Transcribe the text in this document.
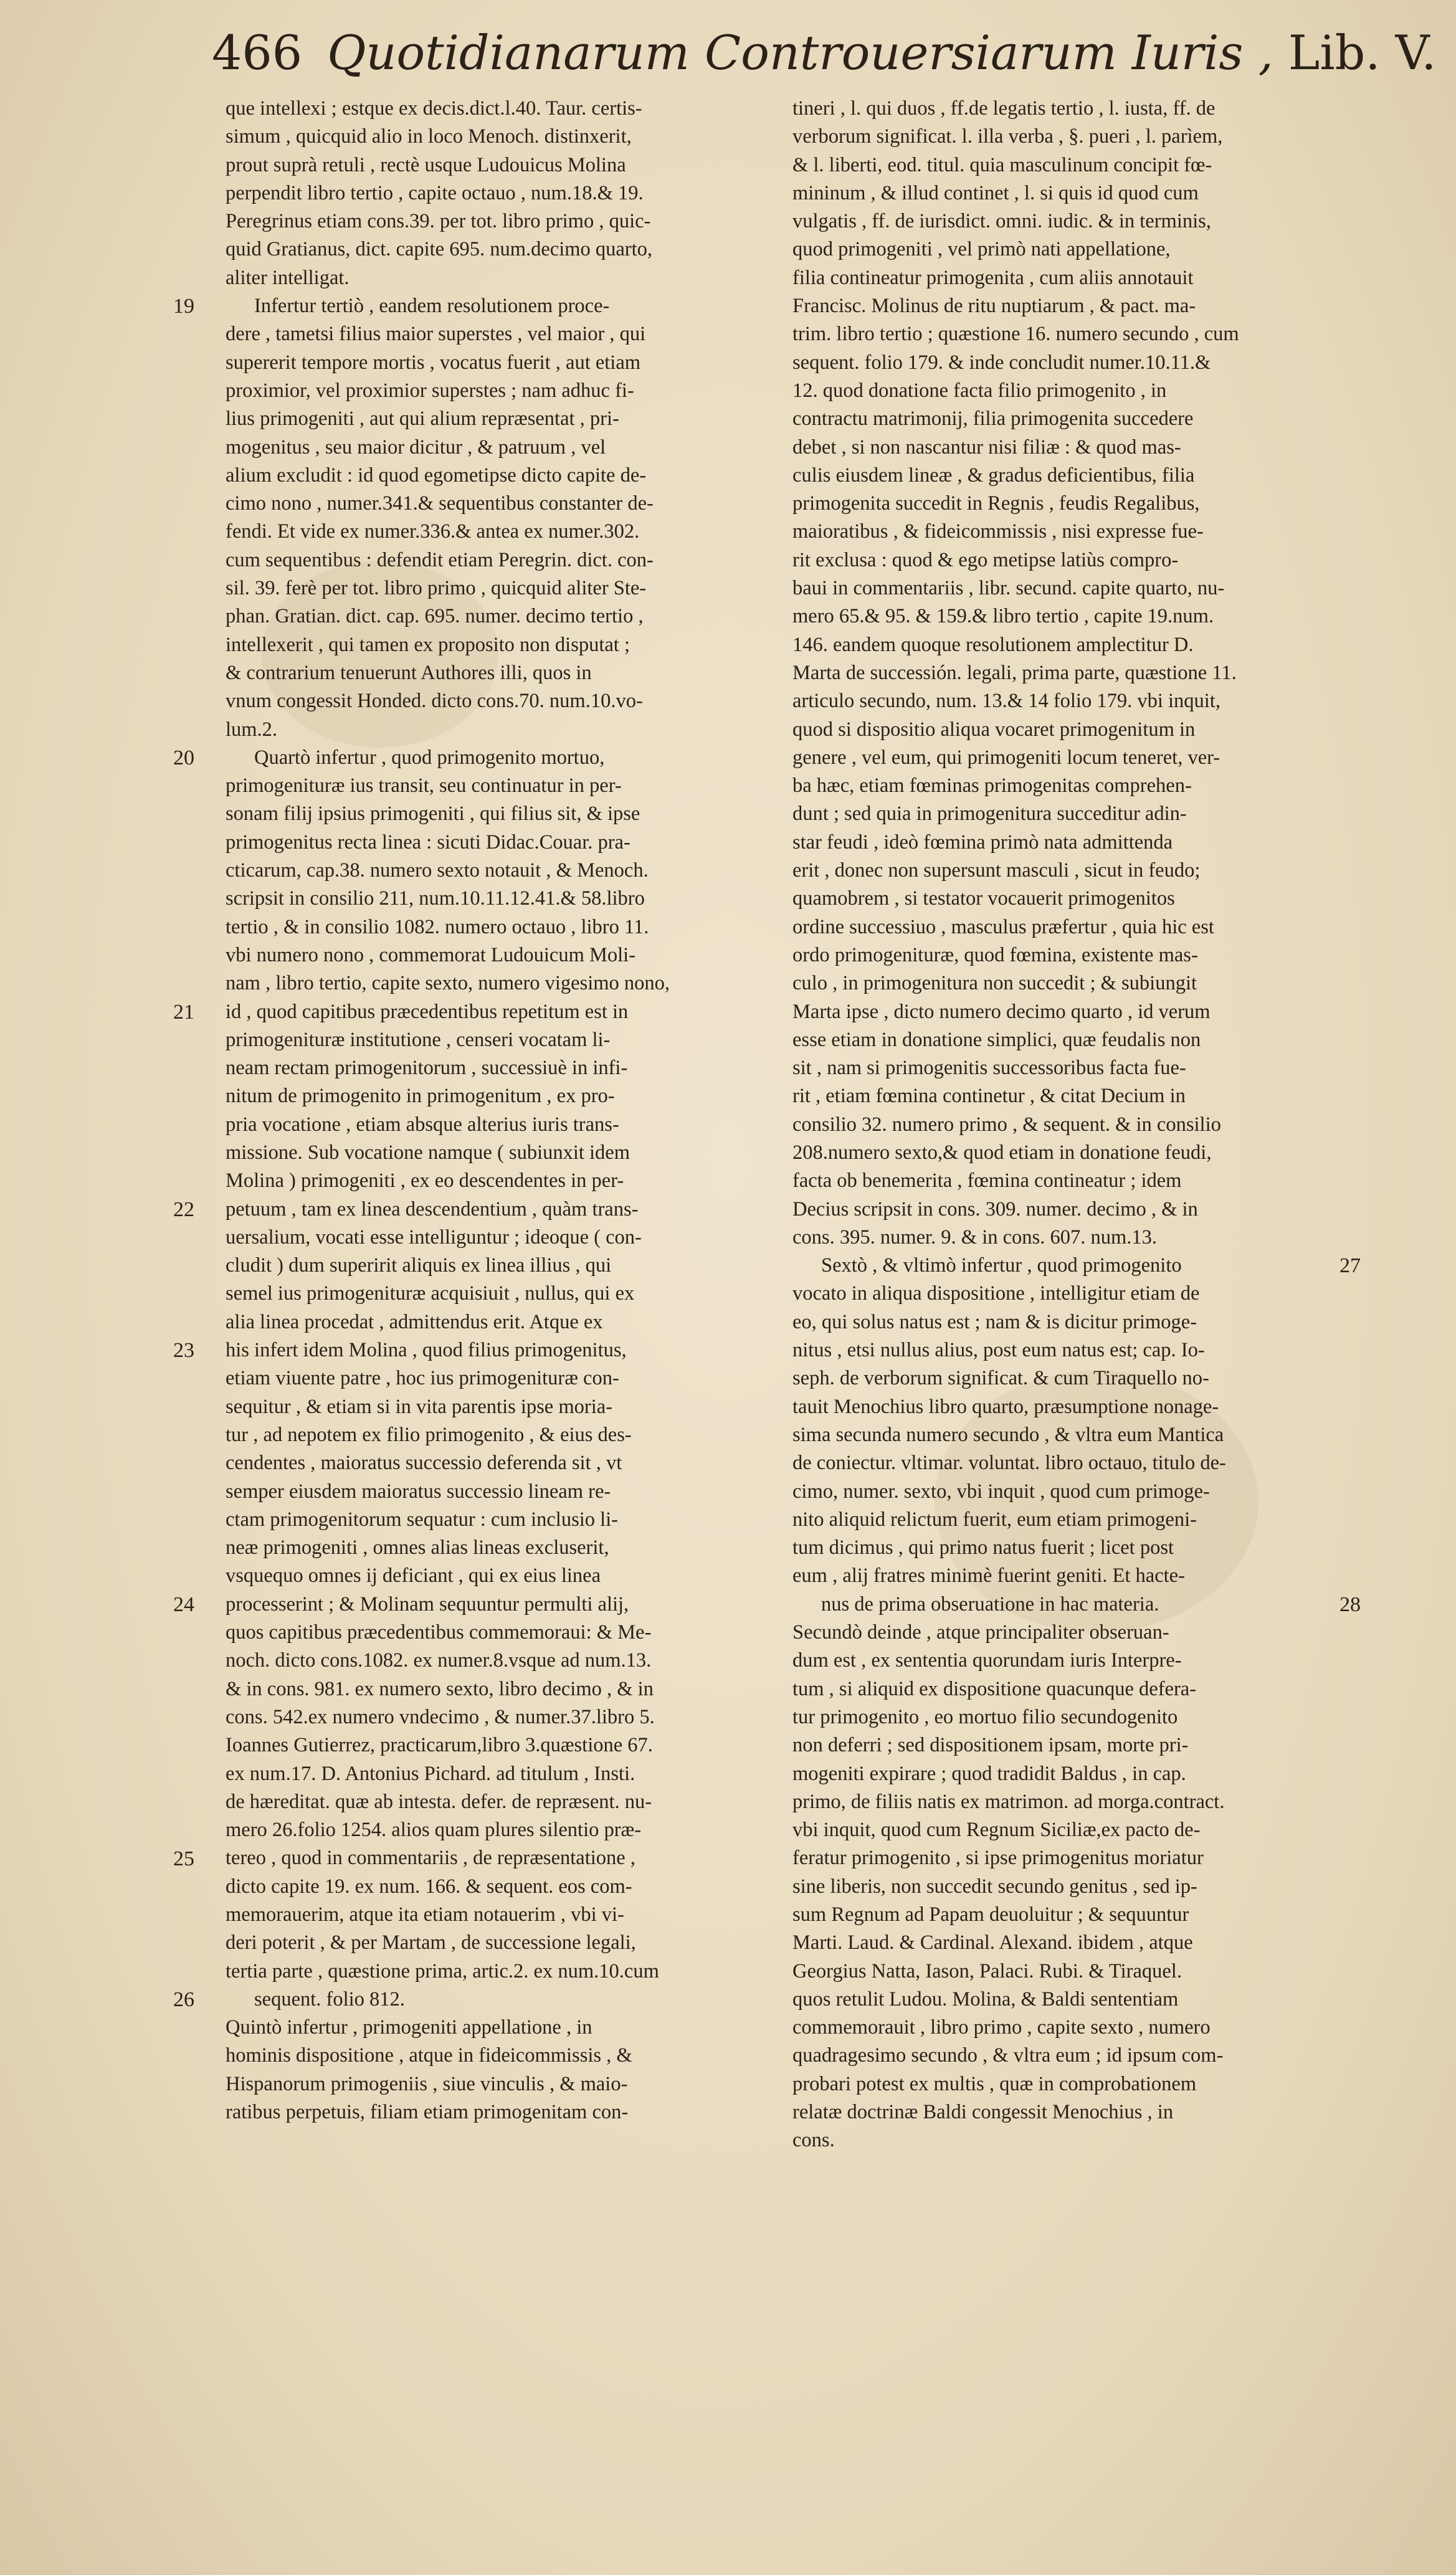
466 Quotidianarum Controuersiarum Iuris , Lib. V.
que intellexi ; estque ex decis.dict.l.40. Taur. certis-
simum , quicquid alio in loco Menoch. distinxerit,
prout suprà retuli , rectè usque Ludouicus Molina
perpendit libro tertio , capite octauo , num.18.& 19.
Peregrinus etiam cons.39. per tot. libro primo , quic-
quid Gratianus, dict. capite 695. num.decimo quarto,
aliter intelligat.
Infertur tertiò , eandem resolutionem proce-
dere , tametsi filius maior superstes , vel maior , qui
supererit tempore mortis , vocatus fuerit , aut etiam
proximior, vel proximior superstes ; nam adhuc fi-
lius primogeniti , aut qui alium repræsentat , pri-
mogenitus , seu maior dicitur , & patruum , vel
alium excludit : id quod egometipse dicto capite de-
cimo nono , numer.341.& sequentibus constanter de-
fendi. Et vide ex numer.336.& antea ex numer.302.
cum sequentibus : defendit etiam Peregrin. dict. con-
sil. 39. ferè per tot. libro primo , quicquid aliter Ste-
phan. Gratian. dict. cap. 695. numer. decimo tertio ,
intellexerit , qui tamen ex proposito non disputat ;
& contrarium tenuerunt Authores illi, quos in
vnum congessit Honded. dicto cons.70. num.10.vo-
lum.2.
Quartò infertur , quod primogenito mortuo,
primogenituræ ius transit, seu continuatur in per-
sonam filij ipsius primogeniti , qui filius sit, & ipse
primogenitus recta linea : sicuti Didac.Couar. pra-
cticarum, cap.38. numero sexto notauit , & Menoch.
scripsit in consilio 211, num.10.11.12.41.& 58.libro
tertio , & in consilio 1082. numero octauo , libro 11.
vbi numero nono , commemorat Ludouicum Moli-
nam , libro tertio, capite sexto, numero vigesimo nono,
id , quod capitibus præcedentibus repetitum est in
primogenituræ institutione , censeri vocatam li-
neam rectam primogenitorum , successiuè in infi-
nitum de primogenito in primogenitum , ex pro-
pria vocatione , etiam absque alterius iuris trans-
missione. Sub vocatione namque ( subiunxit idem
Molina ) primogeniti , ex eo descendentes in per-
petuum , tam ex linea descendentium , quàm trans-
uersalium, vocati esse intelliguntur ; ideoque ( con-
cludit ) dum superirit aliquis ex linea illius , qui
semel ius primogenituræ acquisiuit , nullus, qui ex
alia linea procedat , admittendus erit. Atque ex
his infert idem Molina , quod filius primogenitus,
etiam viuente patre , hoc ius primogenituræ con-
sequitur , & etiam si in vita parentis ipse moria-
tur , ad nepotem ex filio primogenito , & eius des-
cendentes , maioratus successio deferenda sit , vt
semper eiusdem maioratus successio lineam re-
ctam primogenitorum sequatur : cum inclusio li-
neæ primogeniti , omnes alias lineas excluserit,
vsquequo omnes ij deficiant , qui ex eius linea
processerint ; & Molinam sequuntur permulti alij,
quos capitibus præcedentibus commemoraui: & Me-
noch. dicto cons.1082. ex numer.8.vsque ad num.13.
& in cons. 981. ex numero sexto, libro decimo , & in
cons. 542.ex numero vndecimo , & numer.37.libro 5.
Ioannes Gutierrez, practicarum,libro 3.quæstione 67.
ex num.17. D. Antonius Pichard. ad titulum , Insti.
de hæreditat. quæ ab intesta. defer. de repræsent. nu-
mero 26.folio 1254. alios quam plures silentio præ-
tereo , quod in commentariis , de repræsentatione ,
dicto capite 19. ex num. 166. & sequent. eos com-
memorauerim, atque ita etiam notauerim , vbi vi-
deri poterit , & per Martam , de successione legali,
tertia parte , quæstione prima, artic.2. ex num.10.cum
sequent. folio 812.
Quintò infertur , primogeniti appellatione , in
hominis dispositione , atque in fideicommissis , &
Hispanorum primogeniis , siue vinculis , & maio-
ratibus perpetuis, filiam etiam primogenitam con-
tineri , l. qui duos , ff.de legatis tertio , l. iusta, ff. de
verborum significat. l. illa verba , §. pueri , l. parìem,
& l. liberti, eod. titul. quia masculinum concipit fœ-
mininum , & illud continet , l. si quis id quod cum
vulgatis , ff. de iurisdict. omni. iudic. & in terminis,
quod primogeniti , vel primò nati appellatione,
filia contineatur primogenita , cum aliis annotauit
Francisc. Molinus de ritu nuptiarum , & pact. ma-
trim. libro tertio ; quæstione 16. numero secundo , cum
sequent. folio 179. & inde concludit numer.10.11.&
12. quod donatione facta filio primogenito , in
contractu matrimonij, filia primogenita succedere
debet , si non nascantur nisi filiæ : & quod mas-
culis eiusdem lineæ , & gradus deficientibus, filia
primogenita succedit in Regnis , feudis Regalibus,
maioratibus , & fideicommissis , nisi expresse fue-
rit exclusa : quod & ego metipse latiùs compro-
baui in commentariis , libr. secund. capite quarto, nu-
mero 65.& 95. & 159.& libro tertio , capite 19.num.
146. eandem quoque resolutionem amplectitur D.
Marta de successión. legali, prima parte, quæstione 11.
articulo secundo, num. 13.& 14 folio 179. vbi inquit,
quod si dispositio aliqua vocaret primogenitum in
genere , vel eum, qui primogeniti locum teneret, ver-
ba hæc, etiam fœminas primogenitas comprehen-
dunt ; sed quia in primogenitura succeditur adin-
star feudi , ideò fœmina primò nata admittenda
erit , donec non supersunt masculi , sicut in feudo;
quamobrem , si testator vocauerit primogenitos
ordine successiuo , masculus præfertur , quia hic est
ordo primogenituræ, quod fœmina, existente mas-
culo , in primogenitura non succedit ; & subiungit
Marta ipse , dicto numero decimo quarto , id verum
esse etiam in donatione simplici, quæ feudalis non
sit , nam si primogenitis successoribus facta fue-
rit , etiam fœmina continetur , & citat Decium in
consilio 32. numero primo , & sequent. & in consilio
208.numero sexto,& quod etiam in donatione feudi,
facta ob benemerita , fœmina contineatur ; idem
Decius scripsit in cons. 309. numer. decimo , & in
cons. 395. numer. 9. & in cons. 607. num.13.
Sextò , & vltimò infertur , quod primogenito
vocato in aliqua dispositione , intelligitur etiam de
eo, qui solus natus est ; nam & is dicitur primoge-
nitus , etsi nullus alius, post eum natus est; cap. Io-
seph. de verborum significat. & cum Tiraquello no-
tauit Menochius libro quarto, præsumptione nonage-
sima secunda numero secundo , & vltra eum Mantica
de coniectur. vltimar. voluntat. libro octauo, titulo de-
cimo, numer. sexto, vbi inquit , quod cum primoge-
nito aliquid relictum fuerit, eum etiam primogeni-
tum dicimus , qui primo natus fuerit ; licet post
eum , alij fratres minimè fuerint geniti. Et hacte-
nus de prima obseruatione in hac materia.
Secundò deinde , atque principaliter obseruan-
dum est , ex sententia quorundam iuris Interpre-
tum , si aliquid ex dispositione quacunque defera-
tur primogenito , eo mortuo filio secundogenito
non deferri ; sed dispositionem ipsam, morte pri-
mogeniti expirare ; quod tradidit Baldus , in cap.
primo, de filiis natis ex matrimon. ad morga.contract.
vbi inquit, quod cum Regnum Siciliæ,ex pacto de-
feratur primogenito , si ipse primogenitus moriatur
sine liberis, non succedit secundo genitus , sed ip-
sum Regnum ad Papam deuoluitur ; & sequuntur
Marti. Laud. & Cardinal. Alexand. ibidem , atque
Georgius Natta, Iason, Palaci. Rubi. & Tiraquel.
quos retulit Ludou. Molina, & Baldi sententiam
commemorauit , libro primo , capite sexto , numero
quadragesimo secundo , & vltra eum ; id ipsum com-
probari potest ex multis , quæ in comprobationem
relatæ doctrinæ Baldi congessit Menochius , in
cons.
19
20
21
22
23
24
25
26
27
28
